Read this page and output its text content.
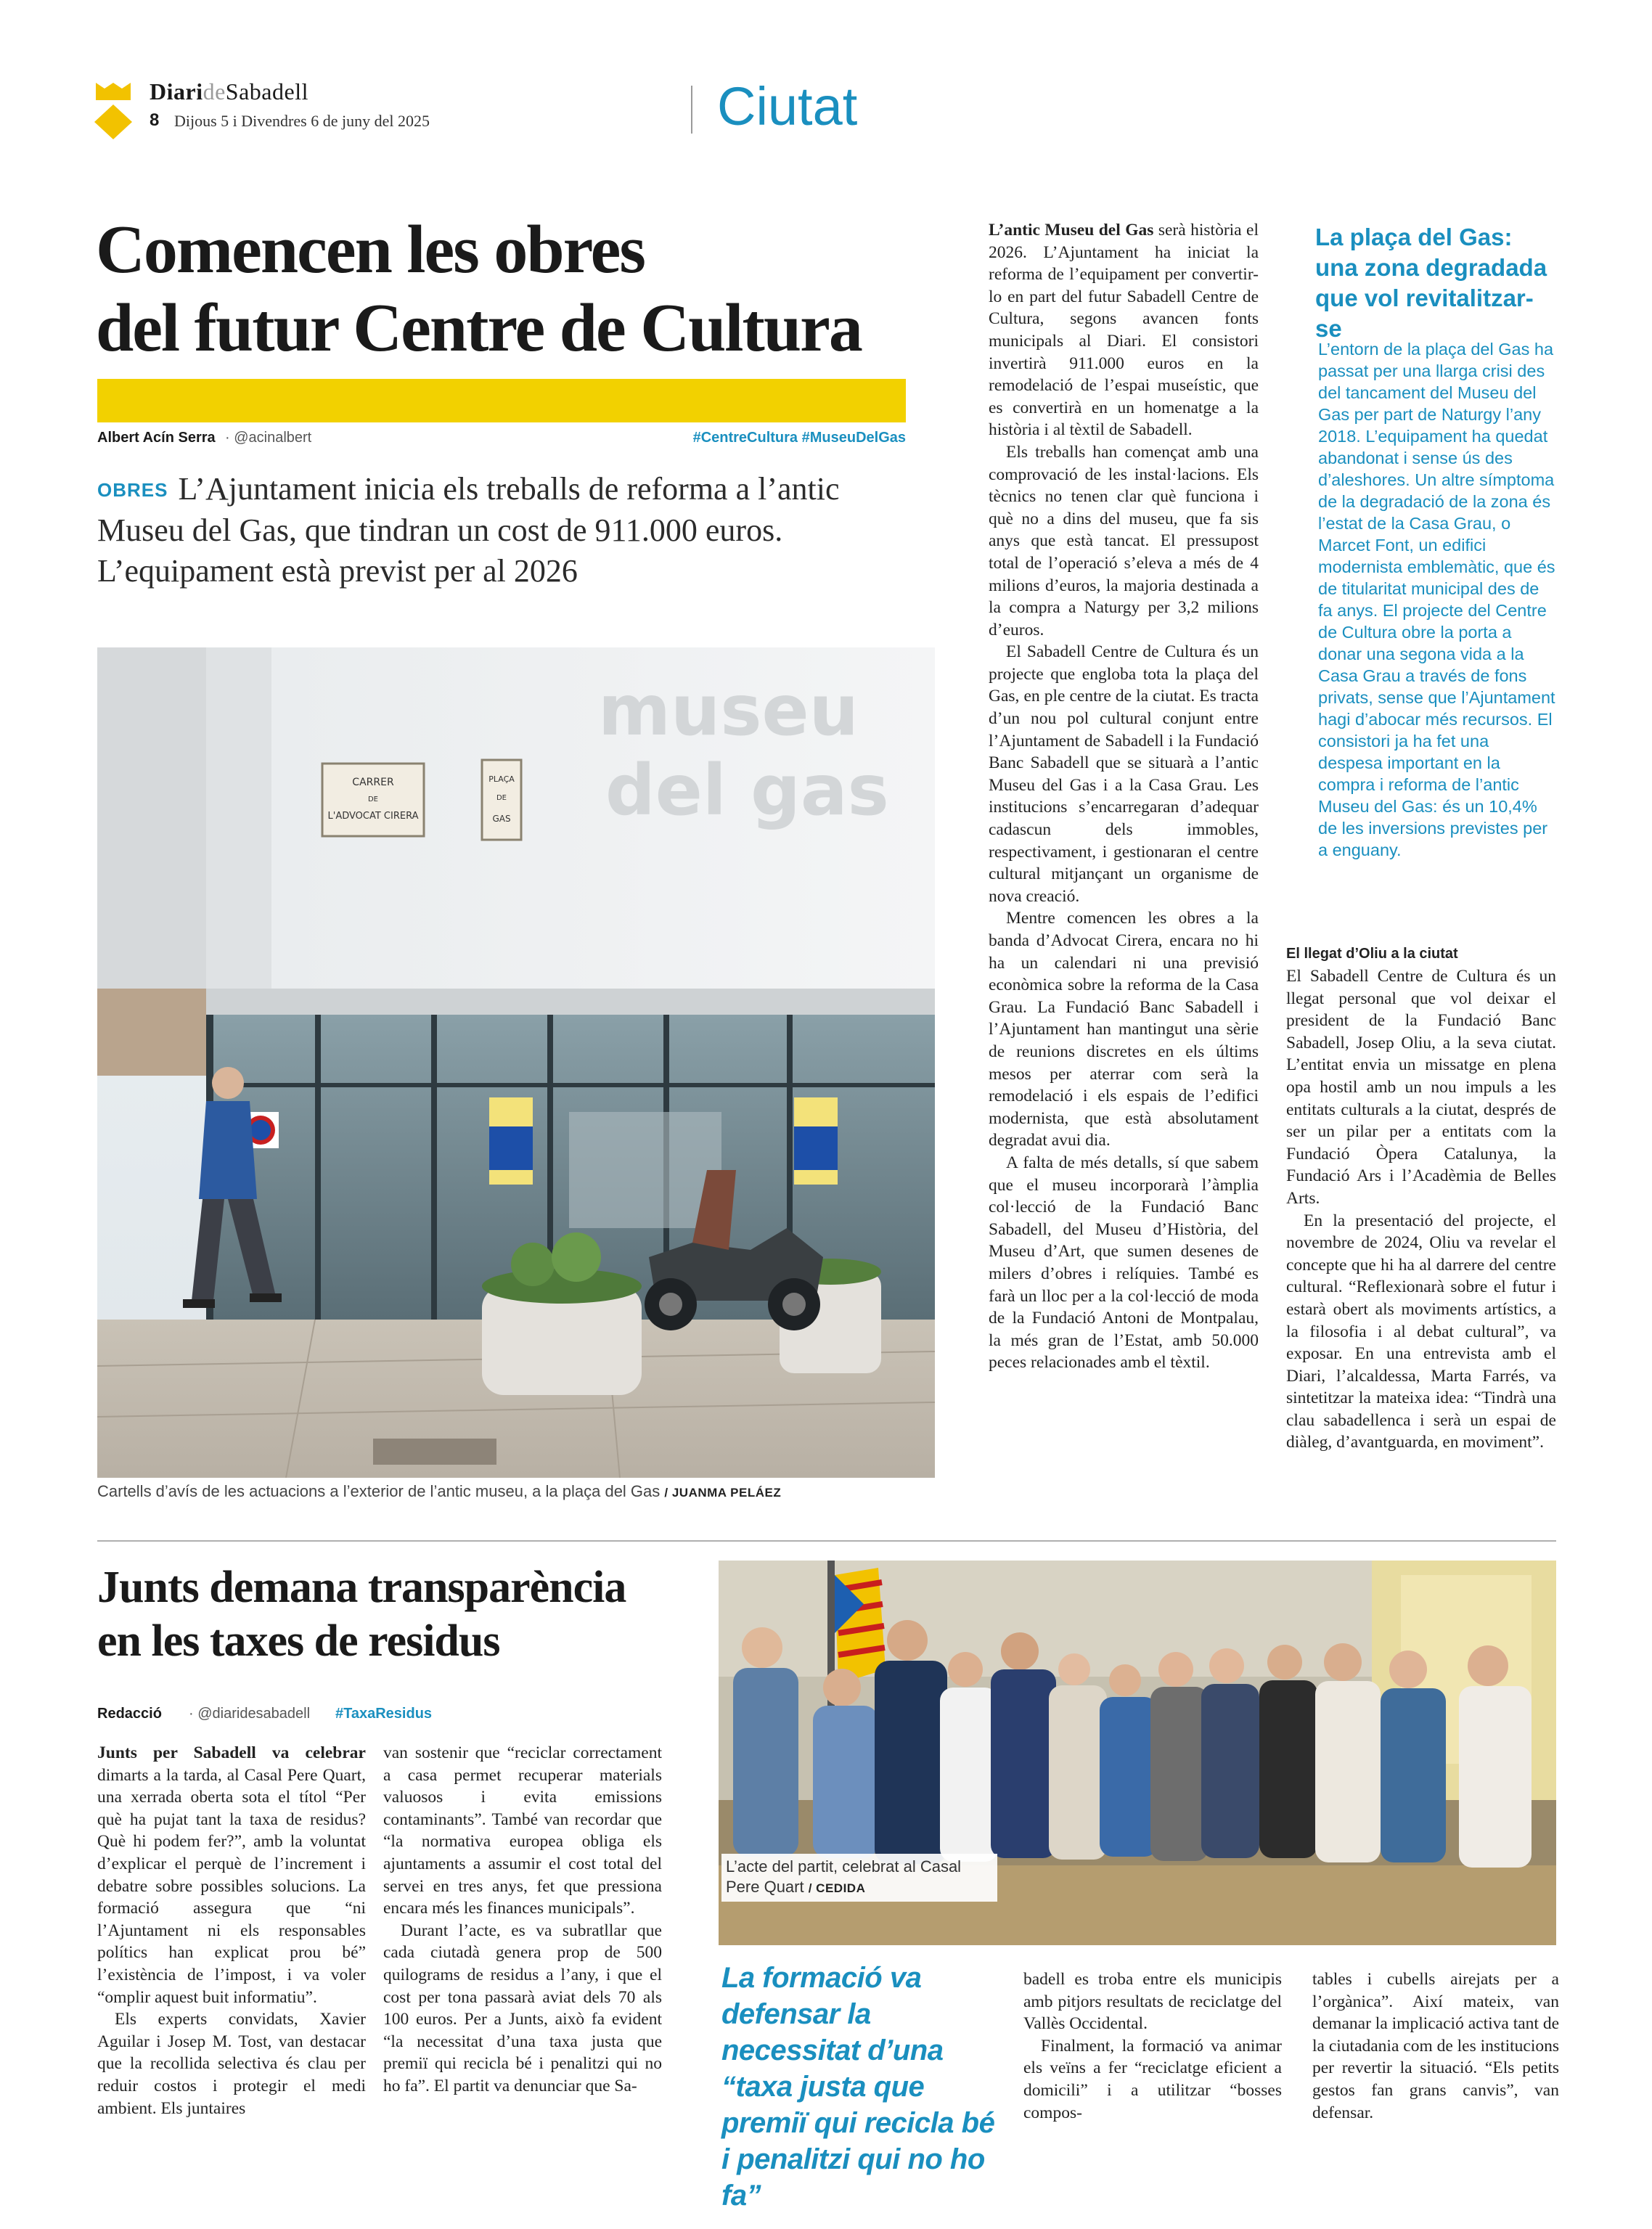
DiarideSabadell
8 Dijous 5 i Divendres 6 de juny del 2025	Ciutat
Comencen les obres
del futur Centre de Cultura
Albert Acín Serra · @acinalbert	#CentreCultura #MuseuDelGas
OBRES L’Ajuntament inicia els treballs de reforma a l’antic Museu del Gas, que tindran un cost de 911.000 euros. L’equipament està previst per al 2026
museu
del gas
CARRER
DE
L'ADVOCAT CIRERA
PLAÇA
DE
GAS
Cartells d’avís de les actuacions a l’exterior de l’antic museu, a la plaça del Gas / JUANMA PELÁEZ

L’antic Museu del Gas serà història el 2026. L’Ajuntament ha iniciat la reforma de l’equipament per convertir-lo en part del futur Sabadell Centre de Cultura, segons avancen fonts municipals al Diari. El consistori invertirà 911.000 euros en la remodelació de l’espai museístic, que es convertirà en un homenatge a la història i al tèxtil de Sabadell.

Els treballs han començat amb una comprovació de les instal·lacions. Els tècnics no tenen clar què funciona i què no a dins del museu, que fa sis anys que està tancat. El pressupost total de l’operació s’eleva a més de 4 milions d’euros, la majoria destinada a la compra a Naturgy per 3,2 milions d’euros.

El Sabadell Centre de Cultura és un projecte que engloba tota la plaça del Gas, en ple centre de la ciutat. Es tracta d’un nou pol cultural conjunt entre l’Ajuntament de Sabadell i la Fundació Banc Sabadell que se situarà a l’antic Museu del Gas i a la Casa Grau. Les institucions s’encarregaran d’adequar cadascun dels immobles, respectivament, i gestionaran el centre cultural mitjançant un organisme de nova creació.

Mentre comencen les obres a la banda d’Advocat Cirera, encara no hi ha un calendari ni una previsió econòmica sobre la reforma de la Casa Grau. La Fundació Banc Sabadell i l’Ajuntament han mantingut una sèrie de reunions discretes en els últims mesos per aterrar com serà la remodelació i els espais de l’edifici modernista, que està absolutament degradat avui dia.

A falta de més detalls, sí que sabem que el museu incorporarà l’àmplia col·lecció de la Fundació Banc Sabadell, del Museu d’Història, del Museu d’Art, que sumen desenes de milers d’obres i relíquies. També es farà un lloc per a la col·lecció de moda de la Fundació Antoni de Montpalau, la més gran de l’Estat, amb 50.000 peces relacionades amb el tèxtil.

La plaça del Gas: una zona degradada que vol revitalitzar-se
L’entorn de la plaça del Gas ha passat per una llarga crisi des del tancament del Museu del Gas per part de Naturgy l’any 2018. L’equipament ha quedat abandonat i sense ús des d’aleshores. Un altre símptoma de la degradació de la zona és l’estat de la Casa Grau, o Marcet Font, un edifici modernista emblemàtic, que és de titularitat municipal des de fa anys. El projecte del Centre de Cultura obre la porta a donar una segona vida a la Casa Grau a través de fons privats, sense que l’Ajuntament hagi d’abocar més recursos. El consistori ja ha fet una despesa important en la compra i reforma de l’antic Museu del Gas: és un 10,4% de les inversions previstes per a enguany.
El llegat d’Oliu a la ciutat

El Sabadell Centre de Cultura és un llegat personal que vol deixar el president de la Fundació Banc Sabadell, Josep Oliu, a la seva ciutat. L’entitat envia un missatge en plena opa hostil amb un nou impuls a les entitats culturals a la ciutat, després de ser un pilar per a entitats com la Fundació Òpera Catalunya, la Fundació Ars i l’Acadèmia de Belles Arts.

En la presentació del projecte, el novembre de 2024, Oliu va revelar el concepte que hi ha al darrere del centre cultural. “Reflexionarà sobre el futur i estarà obert als moviments artístics, a la filosofia i al debat cultural”, va exposar. En una entrevista amb el Diari, l’alcaldessa, Marta Farrés, va sintetitzar la mateixa idea: “Tindrà una clau sabadellenca i serà un espai de diàleg, d’avantguarda, en moviment”.

Junts demana transparència
en les taxes de residus
Redacció · @diaridesabadell #TaxaResidus

Junts per Sabadell va celebrar dimarts a la tarda, al Casal Pere Quart, una xerrada oberta sota el títol “Per què ha pujat tant la taxa de residus? Què hi podem fer?”, amb la voluntat d’explicar el perquè de l’increment i debatre sobre possibles solucions. La formació assegura que “ni l’Ajuntament ni els responsables polítics han explicat prou bé” l’existència de l’impost, i va voler “omplir aquest buit informatiu”.

Els experts convidats, Xavier Aguilar i Josep M. Tost, van destacar que la recollida selectiva és clau per reduir costos i protegir el medi ambient. Els juntaires

van sostenir que “reciclar correctament a casa permet recuperar materials valuosos i evita emissions contaminants”. També van recordar que “la normativa europea obliga els ajuntaments a assumir el cost total del servei en tres anys, fet que pressiona encara més les finances municipals”.

Durant l’acte, es va subratllar que cada ciutadà genera prop de 500 quilograms de residus a l’any, i que el cost per tona passarà aviat dels 70 als 100 euros. Per a Junts, això fa evident “la necessitat d’una taxa justa que premiï qui recicla bé i penalitzi qui no ho fa”. El partit va denunciar que Sa-

L’acte del partit, celebrat al Casal Pere Quart / CEDIDA
La formació va defensar la necessitat d’una “taxa justa que premiï qui recicla bé i penalitzi qui no ho fa”

badell es troba entre els municipis amb pitjors resultats de reciclatge del Vallès Occidental.

Finalment, la formació va animar els veïns a fer “reciclatge eficient a domicili” i a utilitzar “bosses compos-

tables i cubells airejats per a l’orgànica”. Així mateix, van demanar la implicació activa tant de la ciutadania com de les institucions per revertir la situació. “Els petits gestos fan grans canvis”, van defensar.
